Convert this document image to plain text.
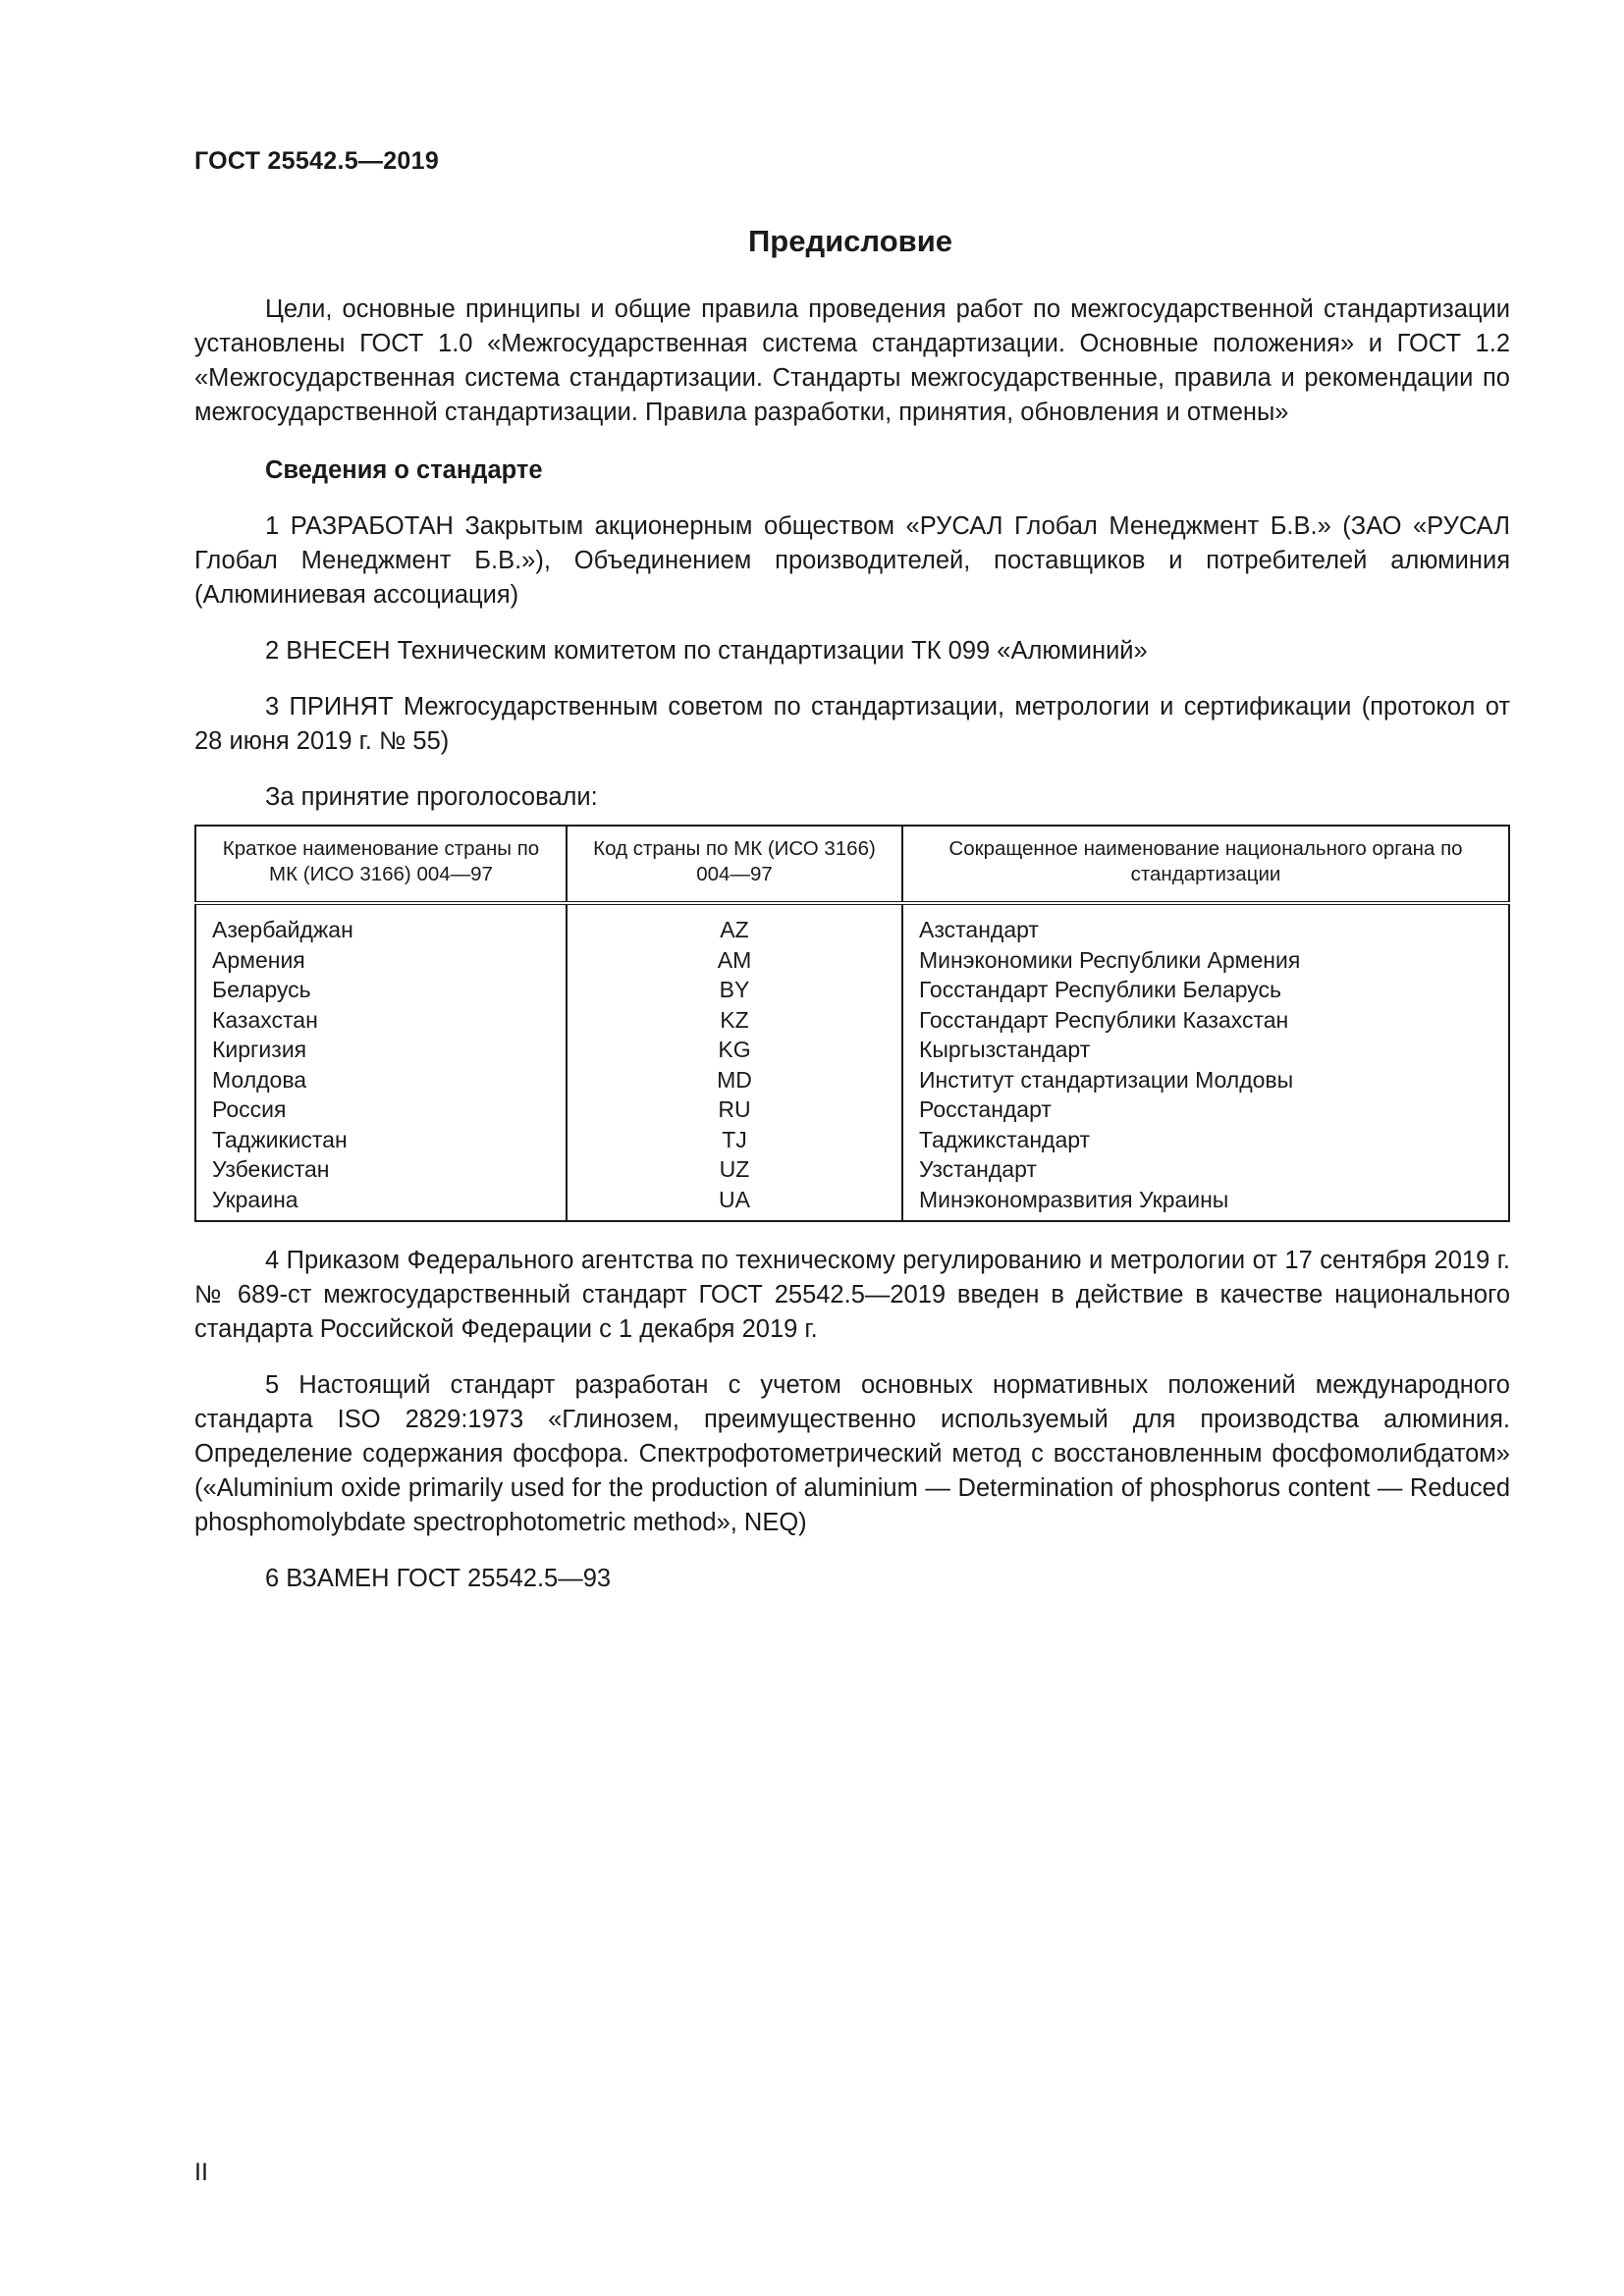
ГОСТ 25542.5—2019
Предисловие

Цели, основные принципы и общие правила проведения работ по межгосударственной стандартизации установлены ГОСТ 1.0 «Межгосударственная система стандартизации. Основные положения» и ГОСТ 1.2 «Межгосударственная система стандартизации. Стандарты межгосударственные, правила и рекомендации по межгосударственной стандартизации. Правила разработки, принятия, обновления и отмены»

Сведения о стандарте

1 РАЗРАБОТАН Закрытым акционерным обществом «РУСАЛ Глобал Менеджмент Б.В.» (ЗАО «РУСАЛ Глобал Менеджмент Б.В.»), Объединением производителей, поставщиков и потребителей алюминия (Алюминиевая ассоциация)

2 ВНЕСЕН Техническим комитетом по стандартизации ТК 099 «Алюминий»

3 ПРИНЯТ Межгосударственным советом по стандартизации, метрологии и сертификации (протокол от 28 июня 2019 г. № 55)

За принятие проголосовали:

Краткое наименование страны по МК (ИСО 3166) 004—97	Код страны по МК (ИСО 3166) 004—97	Сокращенное наименование национального органа по стандартизации
Азербайджан	AZ	Азстандарт
Армения	AM	Минэкономики Республики Армения
Беларусь	BY	Госстандарт Республики Беларусь
Казахстан	KZ	Госстандарт Республики Казахстан
Киргизия	KG	Кыргызстандарт
Молдова	MD	Институт стандартизации Молдовы
Россия	RU	Росстандарт
Таджикистан	TJ	Таджикстандарт
Узбекистан	UZ	Узстандарт
Украина	UA	Минэкономразвития Украины

4 Приказом Федерального агентства по техническому регулированию и метрологии от 17 сентября 2019 г. № 689-ст межгосударственный стандарт ГОСТ 25542.5—2019 введен в действие в качестве национального стандарта Российской Федерации с 1 декабря 2019 г.

5 Настоящий стандарт разработан с учетом основных нормативных положений международного стандарта ISO 2829:1973 «Глинозем, преимущественно используемый для производства алюминия. Определение содержания фосфора. Спектрофотометрический метод с восстановленным фосфомолибдатом» («Aluminium oxide primarily used for the production of aluminium — Determination of phosphorus content — Reduced phosphomolybdate spectrophotometric method», NEQ)

6 ВЗАМЕН ГОСТ 25542.5—93

II
